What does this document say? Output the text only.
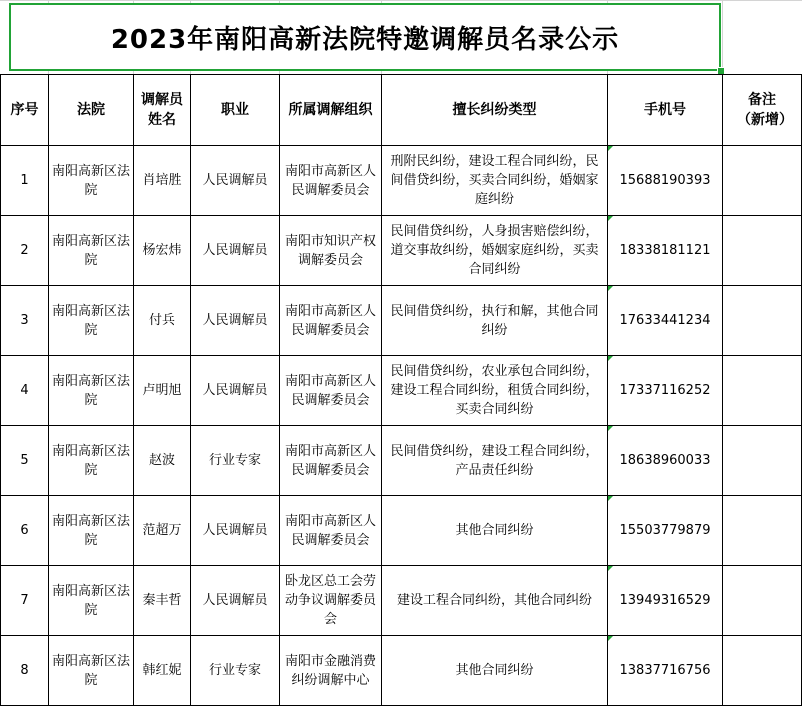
2023年南阳高新法院特邀调解员名录公示
序号	法院	调解员姓名	职业	所属调解组织	擅长纠纷类型	手机号	备注（新增）
1	南阳高新区法院	肖培胜	人民调解员	南阳市高新区人民调解委员会	刑附民纠纷，建设工程合同纠纷，民间借贷纠纷，买卖合同纠纷，婚姻家庭纠纷	15688190393	
2	南阳高新区法院	杨宏炜	人民调解员	南阳市知识产权调解委员会	民间借贷纠纷，人身损害赔偿纠纷，道交事故纠纷，婚姻家庭纠纷，买卖合同纠纷	18338181121	
3	南阳高新区法院	付兵	人民调解员	南阳市高新区人民调解委员会	民间借贷纠纷，执行和解，其他合同纠纷	17633441234	
4	南阳高新区法院	卢明旭	人民调解员	南阳市高新区人民调解委员会	民间借贷纠纷，农业承包合同纠纷，建设工程合同纠纷，租赁合同纠纷，买卖合同纠纷	17337116252	
5	南阳高新区法院	赵波	行业专家	南阳市高新区人民调解委员会	民间借贷纠纷，建设工程合同纠纷，产品责任纠纷	18638960033	
6	南阳高新区法院	范超万	人民调解员	南阳市高新区人民调解委员会	其他合同纠纷	15503779879	
7	南阳高新区法院	秦丰哲	人民调解员	卧龙区总工会劳动争议调解委员会	建设工程合同纠纷，其他合同纠纷	13949316529	
8	南阳高新区法院	韩红妮	行业专家	南阳市金融消费纠纷调解中心	其他合同纠纷	13837716756	
